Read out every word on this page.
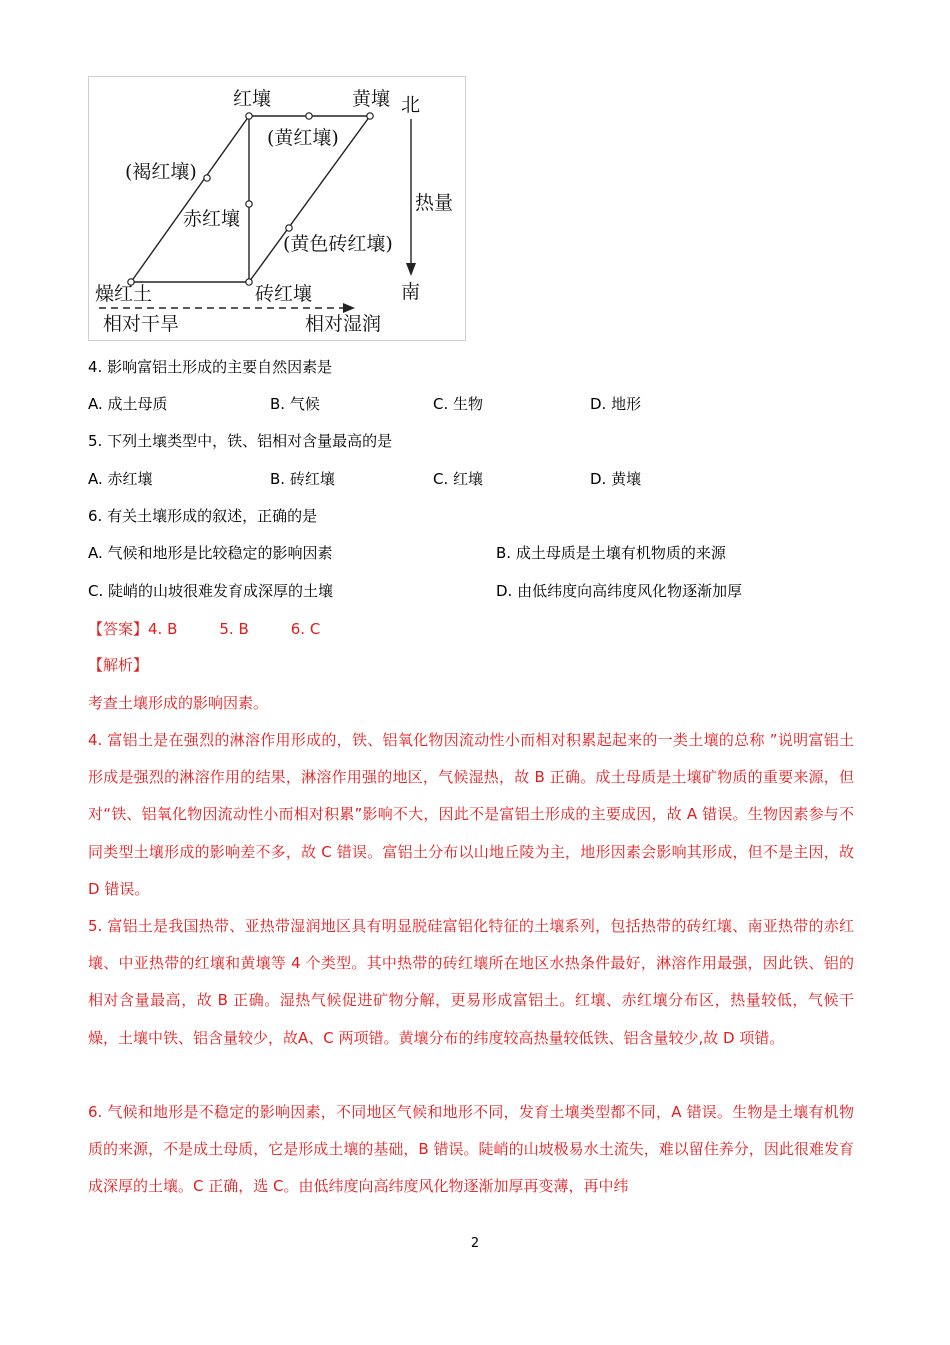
红壤	黄壤 北
(黄红壤)
(褐红壤)
赤红壤
热量
(黄色砖红壤)
燥红土	砖红壤	南
相对干旱	相对湿润
4. 影响富铝土形成的主要自然因素是
A. 成土母质	B. 气候	C. 生物	D. 地形
5. 下列土壤类型中，铁、铝相对含量最高的是
A. 赤红壤	B. 砖红壤	C. 红壤	D. 黄壤
6. 有关土壤形成的叙述，正确的是
A. 气候和地形是比较稳定的影响因素	B. 成土母质是土壤有机物质的来源
C. 陡峭的山坡很难发育成深厚的土壤	D. 由低纬度向高纬度风化物逐渐加厚
【答案】4. B	5. B	6. C
【解析】
考查土壤形成的影响因素。
4. 富铝土是在强烈的淋溶作用形成的，铁、铝氧化物因流动性小而相对积累起起来的一类土壤的总称 ”说明富铝土形成是强烈的淋溶作用的结果，淋溶作用强的地区，气候湿热，故 B 正确。成土母质是土壤矿物质的重要来源，但对“铁、铝氧化物因流动性小而相对积累”影响不大，因此不是富铝土形成的主要成因，故 A 错误。生物因素参与不同类型土壤形成的影响差不多，故 C 错误。富铝土分布以山地丘陵为主，地形因素会影响其形成，但不是主因，故 D 错误。
5. 富铝土是我国热带、亚热带湿润地区具有明显脱硅富铝化特征的土壤系列，包括热带的砖红壤、南亚热带的赤红壤、中亚热带的红壤和黄壤等 4 个类型。其中热带的砖红壤所在地区水热条件最好，淋溶作用最强，因此铁、铝的相对含量最高，故 B 正确。湿热气候促进矿物分解，更易形成富铝土。红壤、赤红壤分布区，热量较低，气候干燥，土壤中铁、铝含量较少，故A、C 两项错。黄壤分布的纬度较高热量较低铁、铝含量较少,故 D 项错。
6. 气候和地形是不稳定的影响因素，不同地区气候和地形不同，发育土壤类型都不同，A 错误。生物是土壤有机物质的来源，不是成土母质，它是形成土壤的基础，B 错误。陡峭的山坡极易水土流失，难以留住养分，因此很难发育成深厚的土壤。C 正确，选 C。由低纬度向高纬度风化物逐渐加厚再变薄，再中纬
2
